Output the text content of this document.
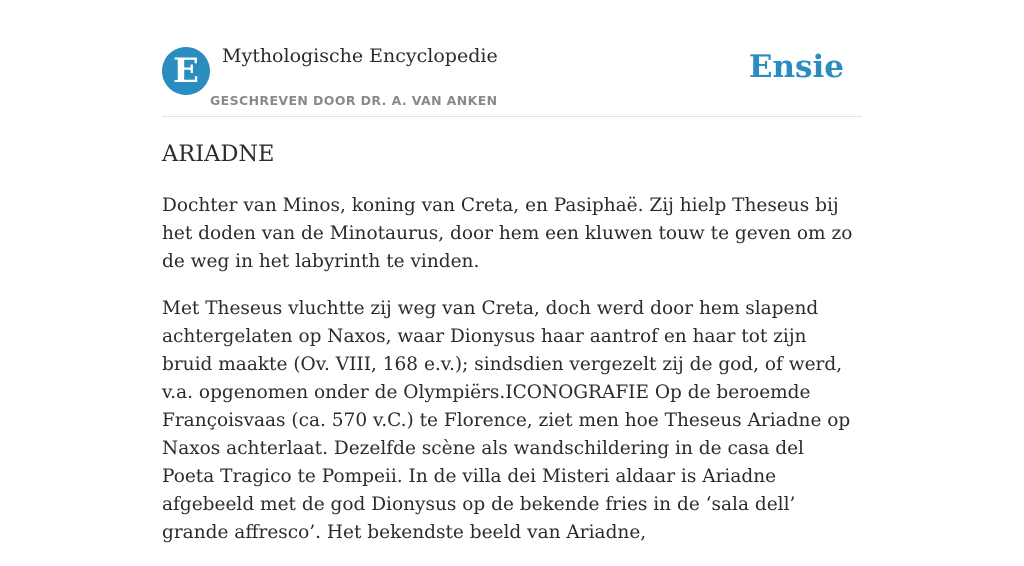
E	Mythologische Encyclopedie
GESCHREVEN DOOR DR. A. VAN ANKEN
Ensie
ARIADNE

Dochter van Minos, koning van Creta, en Pasiphaë. Zij hielp Theseus bij het doden van de Minotaurus, door hem een kluwen touw te geven om zo de weg in het labyrinth te vinden.

Met Theseus vluchtte zij weg van Creta, doch werd door hem slapend achtergelaten op Naxos, waar Dionysus haar aantrof en haar tot zijn bruid maakte (Ov. VIII, 168 e.v.); sindsdien vergezelt zij de god, of werd, v.a. opgenomen onder de Olympiërs.ICONOGRAFIE Op de beroemde Françoisvaas (ca. 570 v.C.) te Florence, ziet men hoe Theseus Ariadne op Naxos achterlaat. Dezelfde scène als wandschildering in de casa del Poeta Tragico te Pompeii. In de villa dei Misteri aldaar is Ariadne afgebeeld met de god Dionysus op de bekende fries in de ‘sala dell’ grande affresco’. Het bekendste beeld van Ariadne,
